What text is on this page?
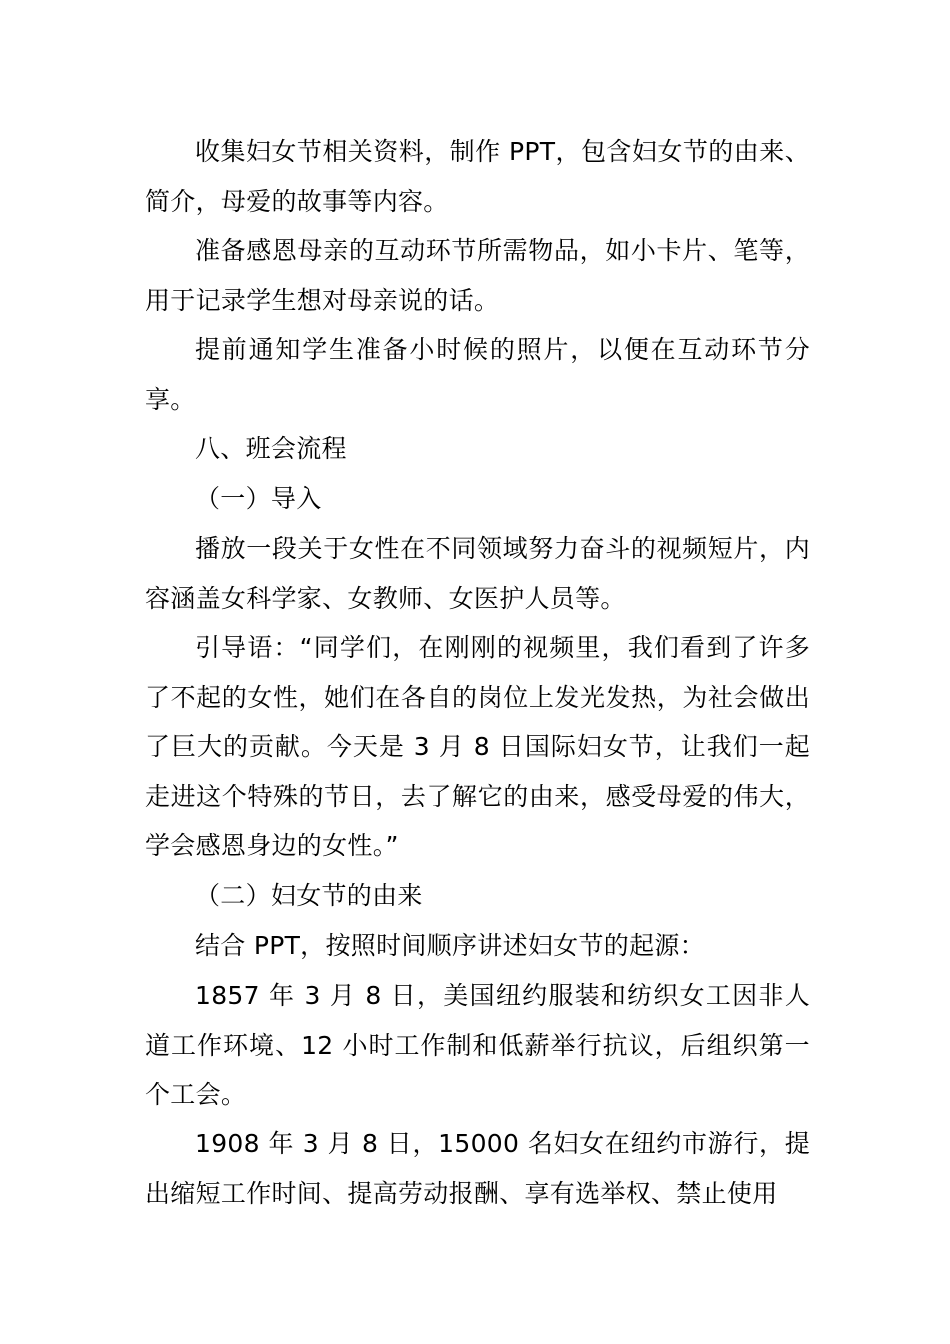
收集妇女节相关资料，制作 PPT，包含妇女节的由来、简介，母爱的故事等内容。

准备感恩母亲的互动环节所需物品，如小卡片、笔等，用于记录学生想对母亲说的话。

提前通知学生准备小时候的照片，以便在互动环节分享。

八、班会流程

（一）导入

播放一段关于女性在不同领域努力奋斗的视频短片，内容涵盖女科学家、女教师、女医护人员等。

引导语：“同学们，在刚刚的视频里，我们看到了许多了不起的女性，她们在各自的岗位上发光发热，为社会做出了巨大的贡献。今天是 3 月 8 日国际妇女节，让我们一起走进这个特殊的节日，去了解它的由来，感受母爱的伟大，学会感恩身边的女性。”

（二）妇女节的由来

结合 PPT，按照时间顺序讲述妇女节的起源：

1857 年 3 月 8 日，美国纽约服装和纺织女工因非人道工作环境、12 小时工作制和低薪举行抗议，后组织第一个工会。

1908 年 3 月 8 日，15000 名妇女在纽约市游行，提出缩短工作时间、提高劳动报酬、享有选举权、禁止使用
